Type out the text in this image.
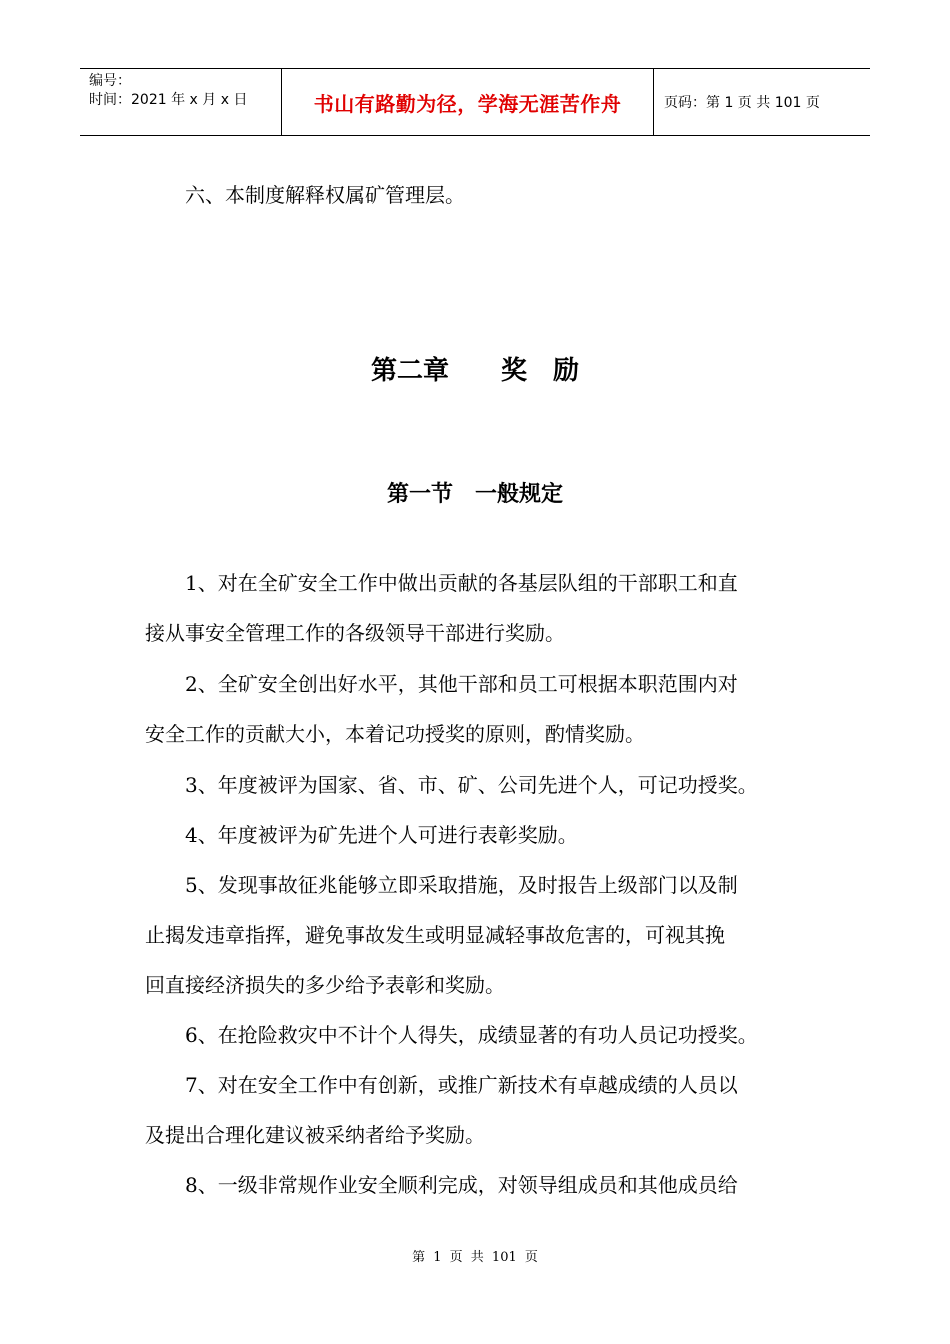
编号：
时间：2021 年 x 月 x 日	书山有路勤为径，学海无涯苦作舟	页码：第 1 页 共 101 页

　　六、本制度解释权属矿管理层。

第二章　　奖　励
第一节　一般规定

　　1、对在全矿安全工作中做出贡献的各基层队组的干部职工和直

接从事安全管理工作的各级领导干部进行奖励。

　　2、全矿安全创出好水平，其他干部和员工可根据本职范围内对

安全工作的贡献大小，本着记功授奖的原则，酌情奖励。

　　3、年度被评为国家、省、市、矿、公司先进个人，可记功授奖。

　　4、年度被评为矿先进个人可进行表彰奖励。

　　5、发现事故征兆能够立即采取措施，及时报告上级部门以及制

止揭发违章指挥，避免事故发生或明显减轻事故危害的，可视其挽

回直接经济损失的多少给予表彰和奖励。

　　6、在抢险救灾中不计个人得失，成绩显著的有功人员记功授奖。

　　7、对在安全工作中有创新，或推广新技术有卓越成绩的人员以

及提出合理化建议被采纳者给予奖励。

　　8、一级非常规作业安全顺利完成，对领导组成员和其他成员给

第 1 页 共 101 页
